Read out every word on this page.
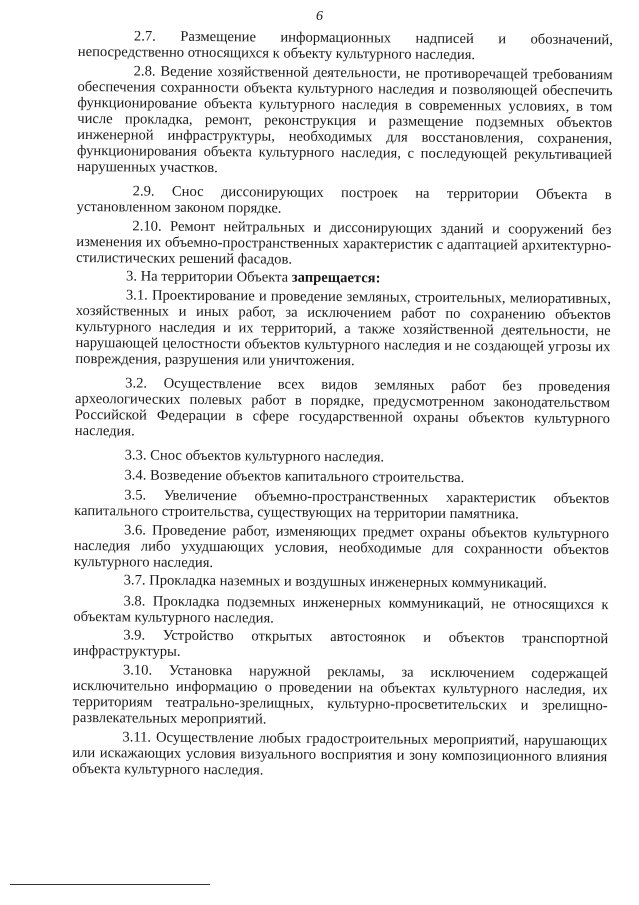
6

2.7. Размещение информационных надписей и обозначений, непосредственно относящихся к объекту культурного наследия.

2.8. Ведение хозяйственной деятельности, не противоречащей требованиям обеспечения сохранности объекта культурного наследия и позволяющей обеспечить функционирование объекта культурного наследия в современных условиях, в том числе прокладка, ремонт, реконструкция и размещение подземных объектов инженерной инфраструктуры, необходимых для восстановления, сохранения, функционирования объекта культурного наследия, с последующей рекультивацией нарушенных участков.

2.9. Снос диссонирующих построек на территории Объекта в установленном законом порядке.

2.10. Ремонт нейтральных и диссонирующих зданий и сооружений без изменения их объемно-пространственных характеристик с адаптацией архитектурно-стилистических решений фасадов.

3. На территории Объекта запрещается:

3.1. Проектирование и проведение земляных, строительных, мелиоративных, хозяйственных и иных работ, за исключением работ по сохранению объектов культурного наследия и их территорий, а также хозяйственной деятельности, не нарушающей целостности объектов культурного наследия и не создающей угрозы их повреждения, разрушения или уничтожения.

3.2. Осуществление всех видов земляных работ без проведения археологических полевых работ в порядке, предусмотренном законодательством Российской Федерации в сфере государственной охраны объектов культурного наследия.

3.3. Снос объектов культурного наследия.

3.4. Возведение объектов капитального строительства.

3.5. Увеличение объемно-пространственных характеристик объектов капитального строительства, существующих на территории памятника.

3.6. Проведение работ, изменяющих предмет охраны объектов культурного наследия либо ухудшающих условия, необходимые для сохранности объектов культурного наследия.

3.7. Прокладка наземных и воздушных инженерных коммуникаций.

3.8. Прокладка подземных инженерных коммуникаций, не относящихся к объектам культурного наследия.

3.9. Устройство открытых автостоянок и объектов транспортной инфраструктуры.

3.10. Установка наружной рекламы, за исключением содержащей исключительно информацию о проведении на объектах культурного наследия, их территориям театрально-зрелищных, культурно-просветительских и зрелищно-развлекательных мероприятий.

3.11. Осуществление любых градостроительных мероприятий, нарушающих или искажающих условия визуального восприятия и зону композиционного влияния объекта культурного наследия.
